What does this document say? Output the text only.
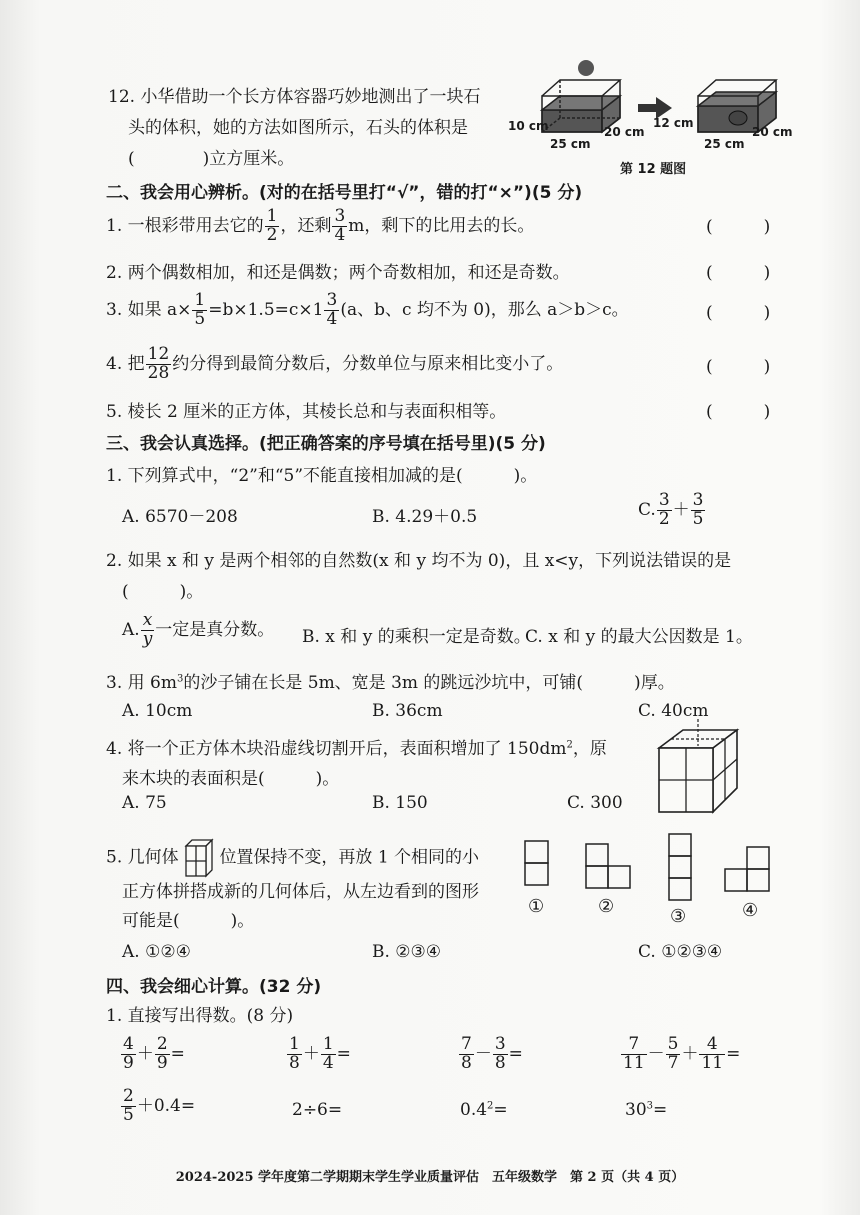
12. 小华借助一个长方体容器巧妙地测出了一块石
头的体积，她的方法如图所示，石头的体积是
(　　　　)立方厘米。
10 cm
25 cm
20 cm
12 cm
25 cm
20 cm
第 12 题图
二、我会用心辨析。(对的在括号里打“√”，错的打“×”)(5 分)
1. 一根彩带用去它的 $\frac{1}{2}$ ，还剩 $\frac{3}{4}$ m，剩下的比用去的长。	(　　　)
2. 两个偶数相加，和还是偶数；两个奇数相加，和还是奇数。	(　　　)
3. 如果 $a\times \frac{1}{5} =b\times 1.5=c\times 1 \frac{3}{4} (a$、b、c 均不为 0)，那么 a＞b＞c。	(　　　)
4. 把 $\frac{12}{28}$ 约分得到最简分数后，分数单位与原来相比变小了。	(　　　)
5. 棱长 2 厘米的正方体，其棱长总和与表面积相等。	(　　　)
三、我会认真选择。(把正确答案的序号填在括号里)(5 分)
1. 下列算式中，“2”和“5”不能直接相加减的是(　　　)。
A. 6570－208	B. 4.29＋0.5	C. $\frac{3}{2} + \frac{3}{5}$
2. 如果 x 和 y 是两个相邻的自然数(x 和 y 均不为 0)，且 x<y，下列说法错误的是
(　　　)。
A. $\frac{x}{y}$ 一定是真分数。 B. x 和 y 的乘积一定是奇数。
C. x 和 y 的最大公因数是 1。
3. 用 $6m^3$的沙子铺在长是 5m、宽是 3m 的跳远沙坑中，可铺(　　　)厚。
A. 10cm	B. 36cm	C. 40cm
4. 将一个正方体木块沿虚线切割开后，表面积增加了 $150dm^2$，原
来木块的表面积是(　　　)。
A. 75	B. 150	C. 300
5. 几何体 位置保持不变，再放 1 个相同的小
正方体拼搭成新的几何体后，从左边看到的图形
可能是(　　　)。
①	②	③	④
A. ①②④	B. ②③④	C. ①②③④
四、我会细心计算。(32 分)
1. 直接写出得数。(8 分)
$\frac{4}{9} + \frac{2}{9}$ =	$\frac{1}{8} + \frac{1}{4}$ =	$\frac{7}{8} - \frac{3}{8}$ =	$\frac{7}{11} - \frac{5}{7} + \frac{4}{11}$ =
$\frac{2}{5} +0.4=$	2÷6=	$0.4^2=$	$30^3=$
2024-2025 学年度第二学期期末学生学业质量评估　五年级数学　第 2 页（共 4 页）
